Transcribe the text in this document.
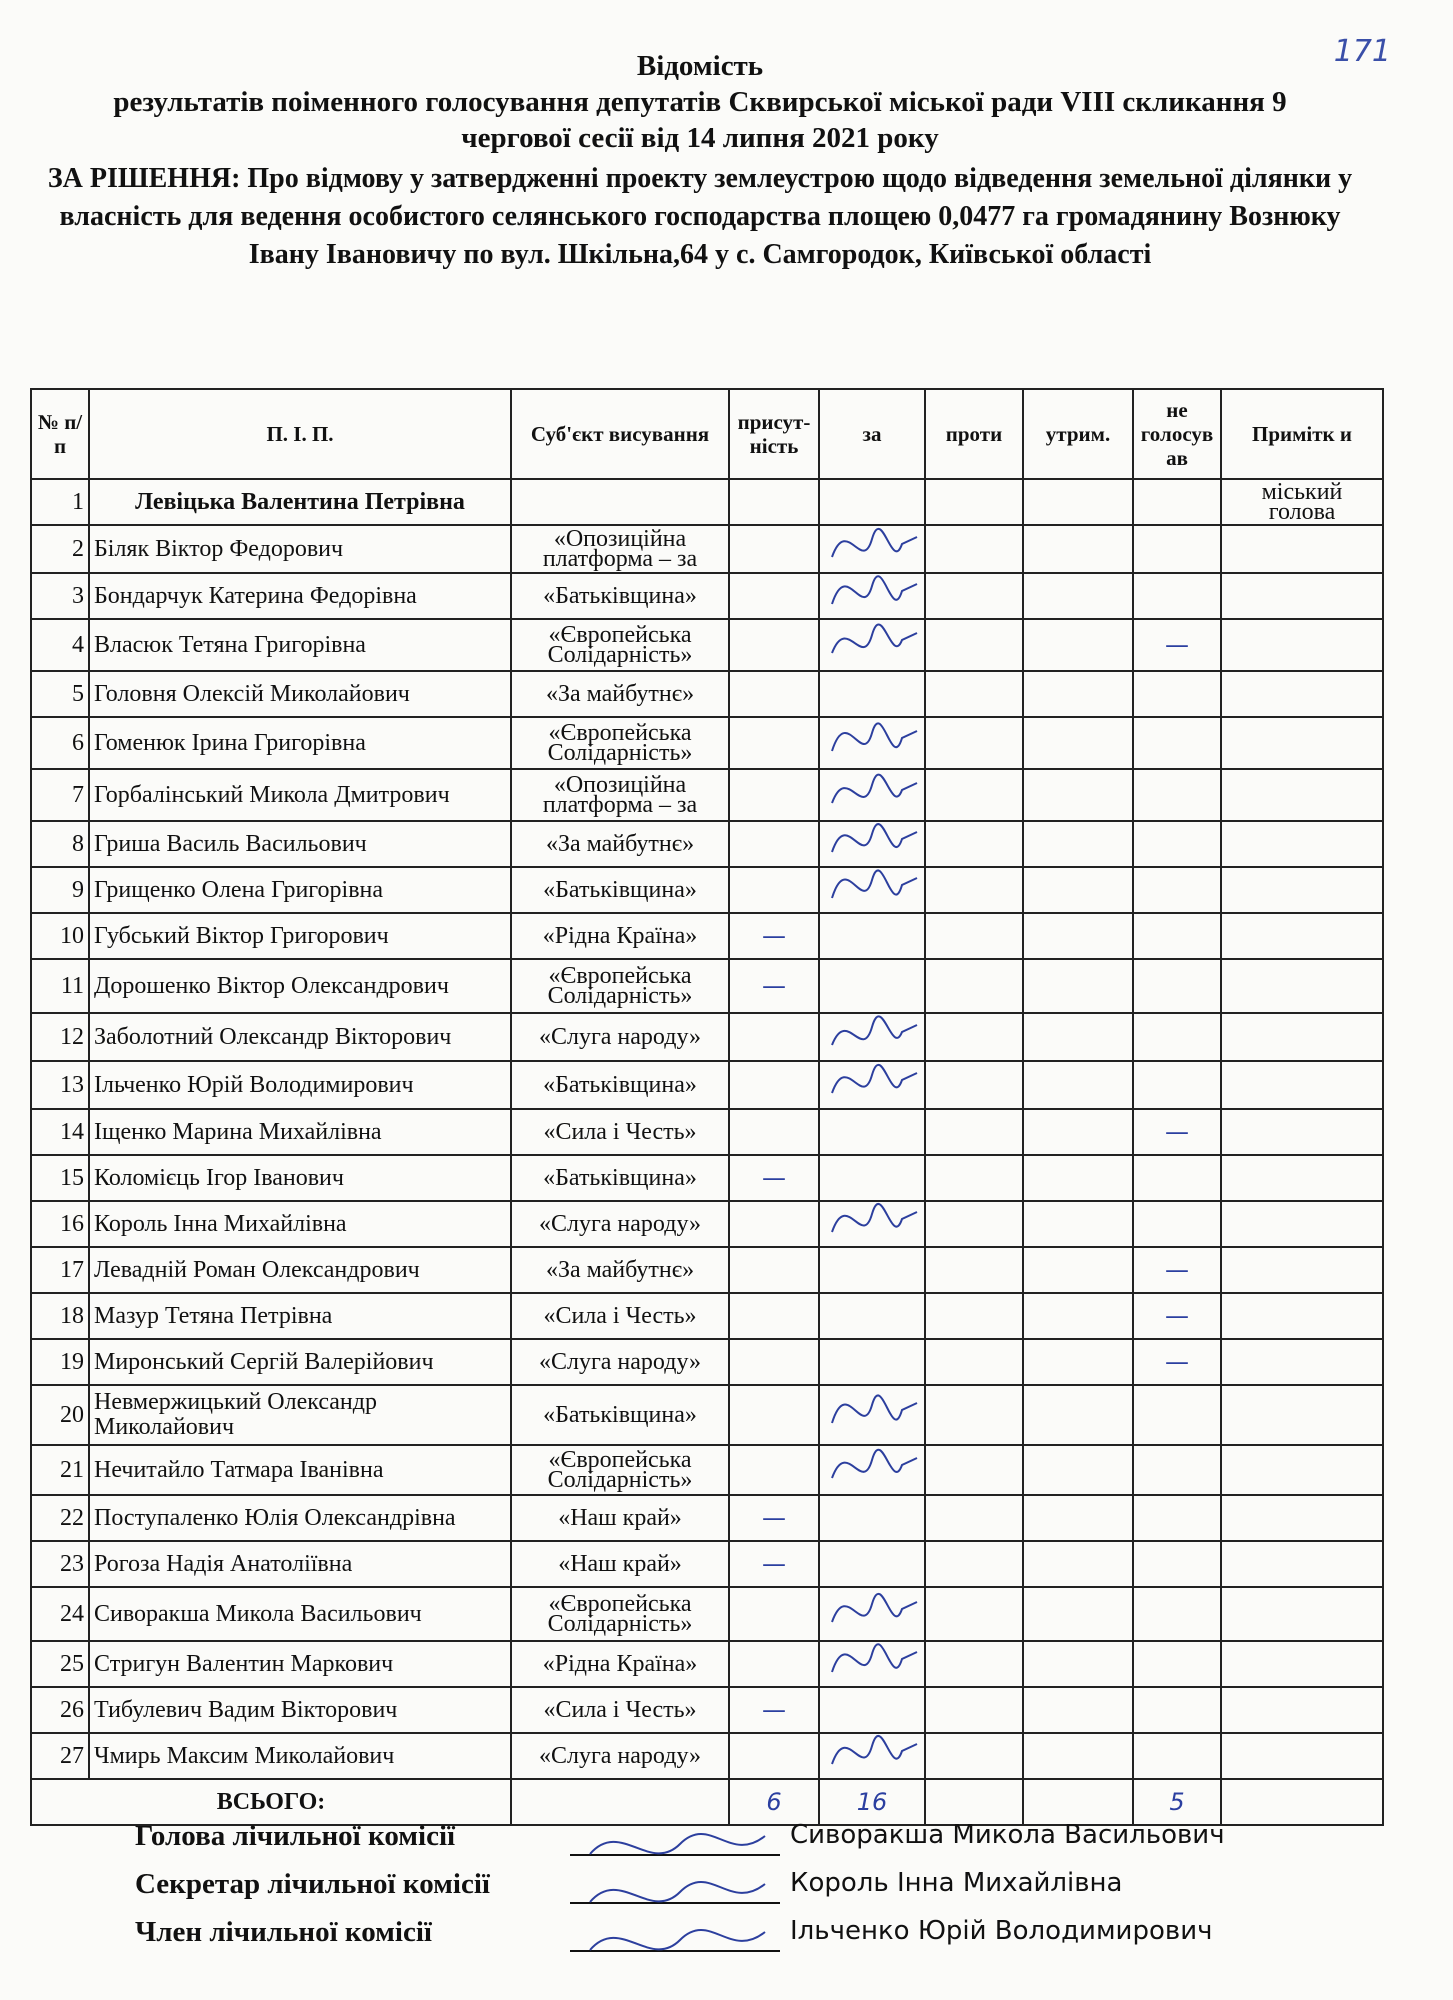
171
Відомість
результатів поіменного голосування депутатів Сквирської міської ради VIII скликання 9
чергової сесії від 14 липня 2021 року
ЗА РІШЕННЯ: Про відмову у затвердженні проекту землеустрою щодо відведення земельної ділянки у власність для ведення особистого селянського господарства площею 0,0477 га громадянину Вознюку Івану Івановичу по вул. Шкільна,64 у с. Самгородок, Київської області
№ п/п	П. І. П.	Суб'єкт висування	присут-ність	за	проти	утрим.	не голосув ав	Примітк и
1	Левіцька Валентина Петрівна							міський голова
2	Біляк Віктор Федорович	«Опозиційна платформа – за						
3	Бондарчук Катерина Федорівна	«Батьківщина»						
4	Власюк Тетяна Григорівна	«Європейська Солідарність»					—	
5	Головня Олексій Миколайович	«За майбутнє»						
6	Гоменюк Ірина Григорівна	«Європейська Солідарність»						
7	Горбалінський Микола Дмитрович	«Опозиційна платформа – за						
8	Гриша Василь Васильович	«За майбутнє»						
9	Грищенко Олена Григорівна	«Батьківщина»						
10	Губський Віктор Григорович	«Рідна Країна»	—					
11	Дорошенко Віктор Олександрович	«Європейська Солідарність»	—					
12	Заболотний Олександр Вікторович	«Слуга народу»						
13	Ільченко Юрій Володимирович	«Батьківщина»						
14	Іщенко Марина Михайлівна	«Сила і Честь»					—	
15	Коломієць Ігор Іванович	«Батьківщина»	—					
16	Король Інна Михайлівна	«Слуга народу»						
17	Левадній Роман Олександрович	«За майбутнє»					—	
18	Мазур Тетяна Петрівна	«Сила і Честь»					—	
19	Миронський Сергій Валерійович	«Слуга народу»					—	
20	Невмержицький Олександр Миколайович	«Батьківщина»						
21	Нечитайло Татмара Іванівна	«Європейська Солідарність»						
22	Поступаленко Юлія Олександрівна	«Наш край»	—					
23	Рогоза Надія Анатоліївна	«Наш край»	—					
24	Сиворакша Микола Васильович	«Європейська Солідарність»						
25	Стригун Валентин Маркович	«Рідна Країна»						
26	Тибулевич Вадим Вікторович	«Сила і Честь»	—					
27	Чмирь Максим Миколайович	«Слуга народу»						
ВСЬОГО:			6	16			5	
Голова лічильної комісії	Сиворакша Микола Васильович
Секретар лічильної комісії	Король Інна Михайлівна
Член лічильної комісії	Ільченко Юрій Володимирович
